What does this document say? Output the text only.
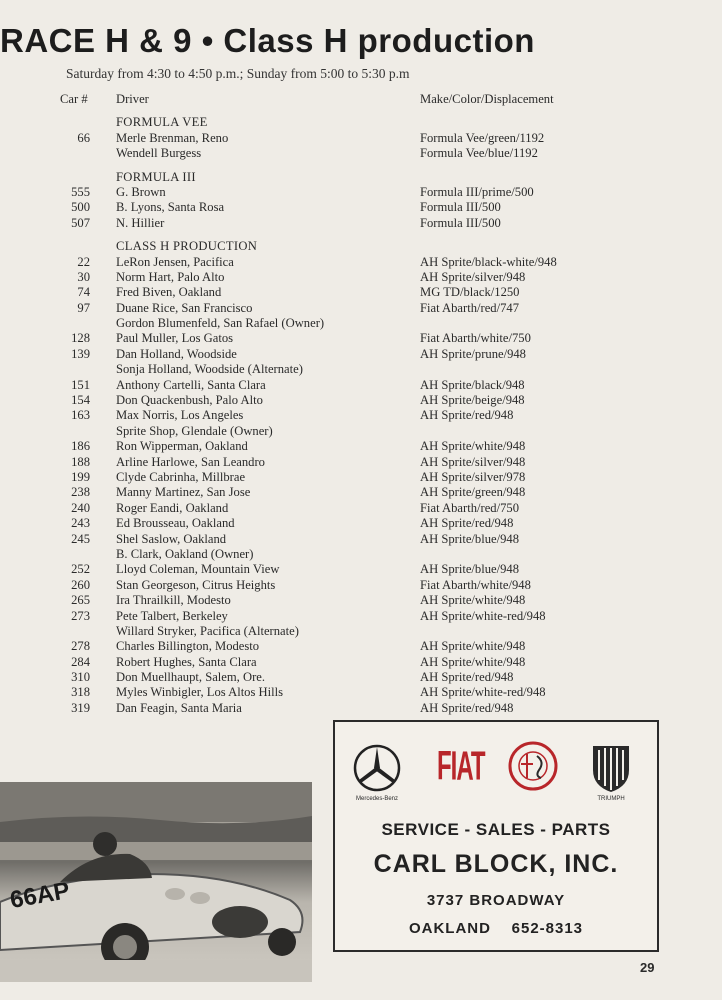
RACE H & 9 • Class H production
Saturday from 4:30 to 4:50 p.m.; Sunday from 5:00 to 5:30 p.m
Car # Driver	Make/Color/Displacement
FORMULA VEE
66 Merle Brenman, Reno	Formula Vee/green/1192
Wendell Burgess	Formula Vee/blue/1192
FORMULA III
555 G. Brown	Formula III/prime/500
500 B. Lyons, Santa Rosa	Formula III/500
507 N. Hillier	Formula III/500
CLASS H PRODUCTION
22 LeRon Jensen, Pacifica	AH Sprite/black-white/948
30 Norm Hart, Palo Alto	AH Sprite/silver/948
74 Fred Biven, Oakland	MG TD/black/1250
97 Duane Rice, San Francisco	Fiat Abarth/red/747
Gordon Blumenfeld, San Rafael (Owner)
128 Paul Muller, Los Gatos	Fiat Abarth/white/750
139 Dan Holland, Woodside	AH Sprite/prune/948
Sonja Holland, Woodside (Alternate)
151 Anthony Cartelli, Santa Clara	AH Sprite/black/948
154 Don Quackenbush, Palo Alto	AH Sprite/beige/948
163 Max Norris, Los Angeles	AH Sprite/red/948
Sprite Shop, Glendale (Owner)
186 Ron Wipperman, Oakland	AH Sprite/white/948
188 Arline Harlowe, San Leandro	AH Sprite/silver/948
199 Clyde Cabrinha, Millbrae	AH Sprite/silver/978
238 Manny Martinez, San Jose	AH Sprite/green/948
240 Roger Eandi, Oakland	Fiat Abarth/red/750
243 Ed Brousseau, Oakland	AH Sprite/red/948
245 Shel Saslow, Oakland	AH Sprite/blue/948
B. Clark, Oakland (Owner)
252 Lloyd Coleman, Mountain View	AH Sprite/blue/948
260 Stan Georgeson, Citrus Heights	Fiat Abarth/white/948
265 Ira Thrailkill, Modesto	AH Sprite/white/948
273 Pete Talbert, Berkeley	AH Sprite/white-red/948
Willard Stryker, Pacifica (Alternate)
278 Charles Billington, Modesto	AH Sprite/white/948
284 Robert Hughes, Santa Clara	AH Sprite/white/948
310 Don Muellhaupt, Salem, Ore.	AH Sprite/red/948
318 Myles Winbigler, Los Altos Hills	AH Sprite/white-red/948
319 Dan Feagin, Santa Maria	AH Sprite/red/948
66AP
Mercedes-Benz
FIAT
TRIUMPH
SERVICE - SALES - PARTS
CARL BLOCK, INC.
3737 BROADWAY
OAKLAND    652-8313
29
